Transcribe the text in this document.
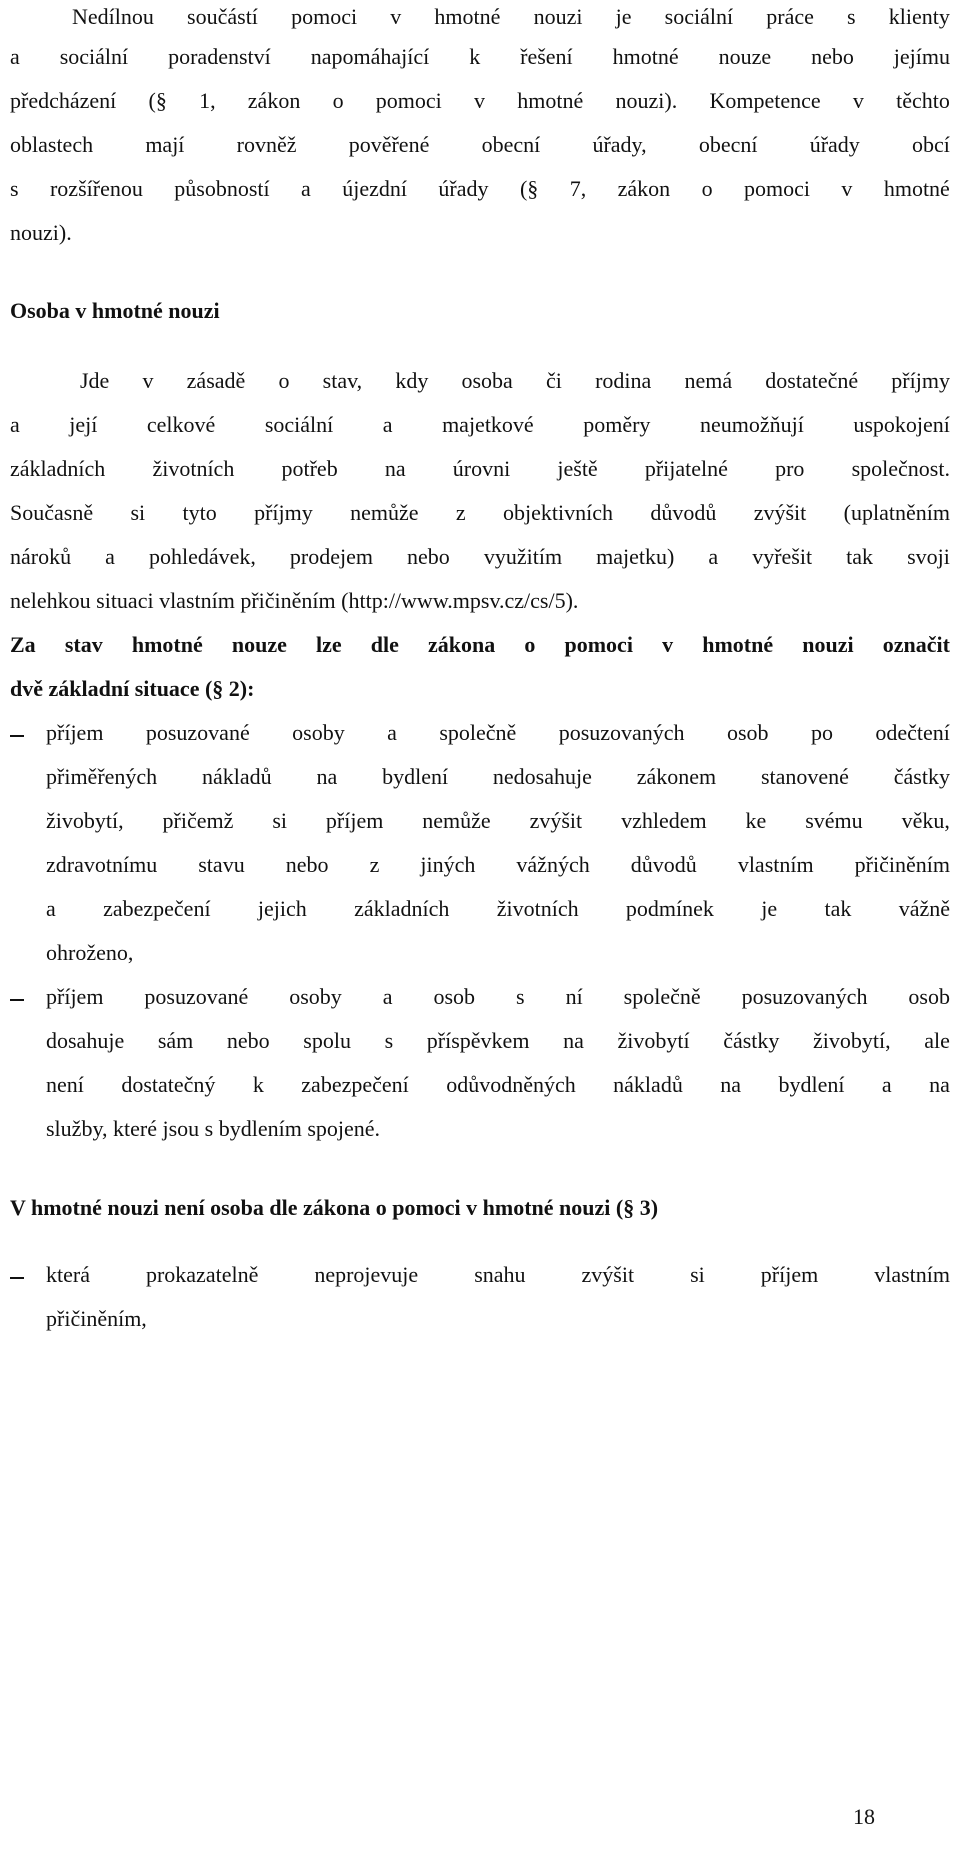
Nedílnou součástí pomoci v hmotné nouzi je sociální práce s klienty
a sociální poradenství napomáhající k řešení hmotné nouze nebo jejímu
předcházení (§ 1, zákon o pomoci v hmotné nouzi). Kompetence v těchto
oblastech mají rovněž pověřené obecní úřady, obecní úřady obcí
s rozšířenou působností a újezdní úřady (§ 7, zákon o pomoci v hmotné
nouzi).
Osoba v hmotné nouzi
Jde v zásadě o stav, kdy osoba či rodina nemá dostatečné příjmy
a její celkové sociální a majetkové poměry neumožňují uspokojení
základních životních potřeb na úrovni ještě přijatelné pro společnost.
Současně si tyto příjmy nemůže z objektivních důvodů zvýšit (uplatněním
nároků a pohledávek, prodejem nebo využitím majetku) a vyřešit tak svoji
nelehkou situaci vlastním přičiněním (http://www.mpsv.cz/cs/5).
Za stav hmotné nouze lze dle zákona o pomoci v hmotné nouzi označit
dvě základní situace (§ 2):
příjem posuzované osoby a společně posuzovaných osob po odečtení
přiměřených nákladů na bydlení nedosahuje zákonem stanovené částky
živobytí, přičemž si příjem nemůže zvýšit vzhledem ke svému věku,
zdravotnímu stavu nebo z jiných vážných důvodů vlastním přičiněním
a zabezpečení jejich základních životních podmínek je tak vážně
ohroženo,
příjem posuzované osoby a osob s ní společně posuzovaných osob
dosahuje sám nebo spolu s příspěvkem na živobytí částky živobytí, ale
není dostatečný k zabezpečení odůvodněných nákladů na bydlení a na
služby, které jsou s bydlením spojené.
V hmotné nouzi není osoba dle zákona o pomoci v hmotné nouzi (§ 3)
která	prokazatelně	neprojevuje	snahu	zvýšit	si	příjem	vlastním
přičiněním,
18
